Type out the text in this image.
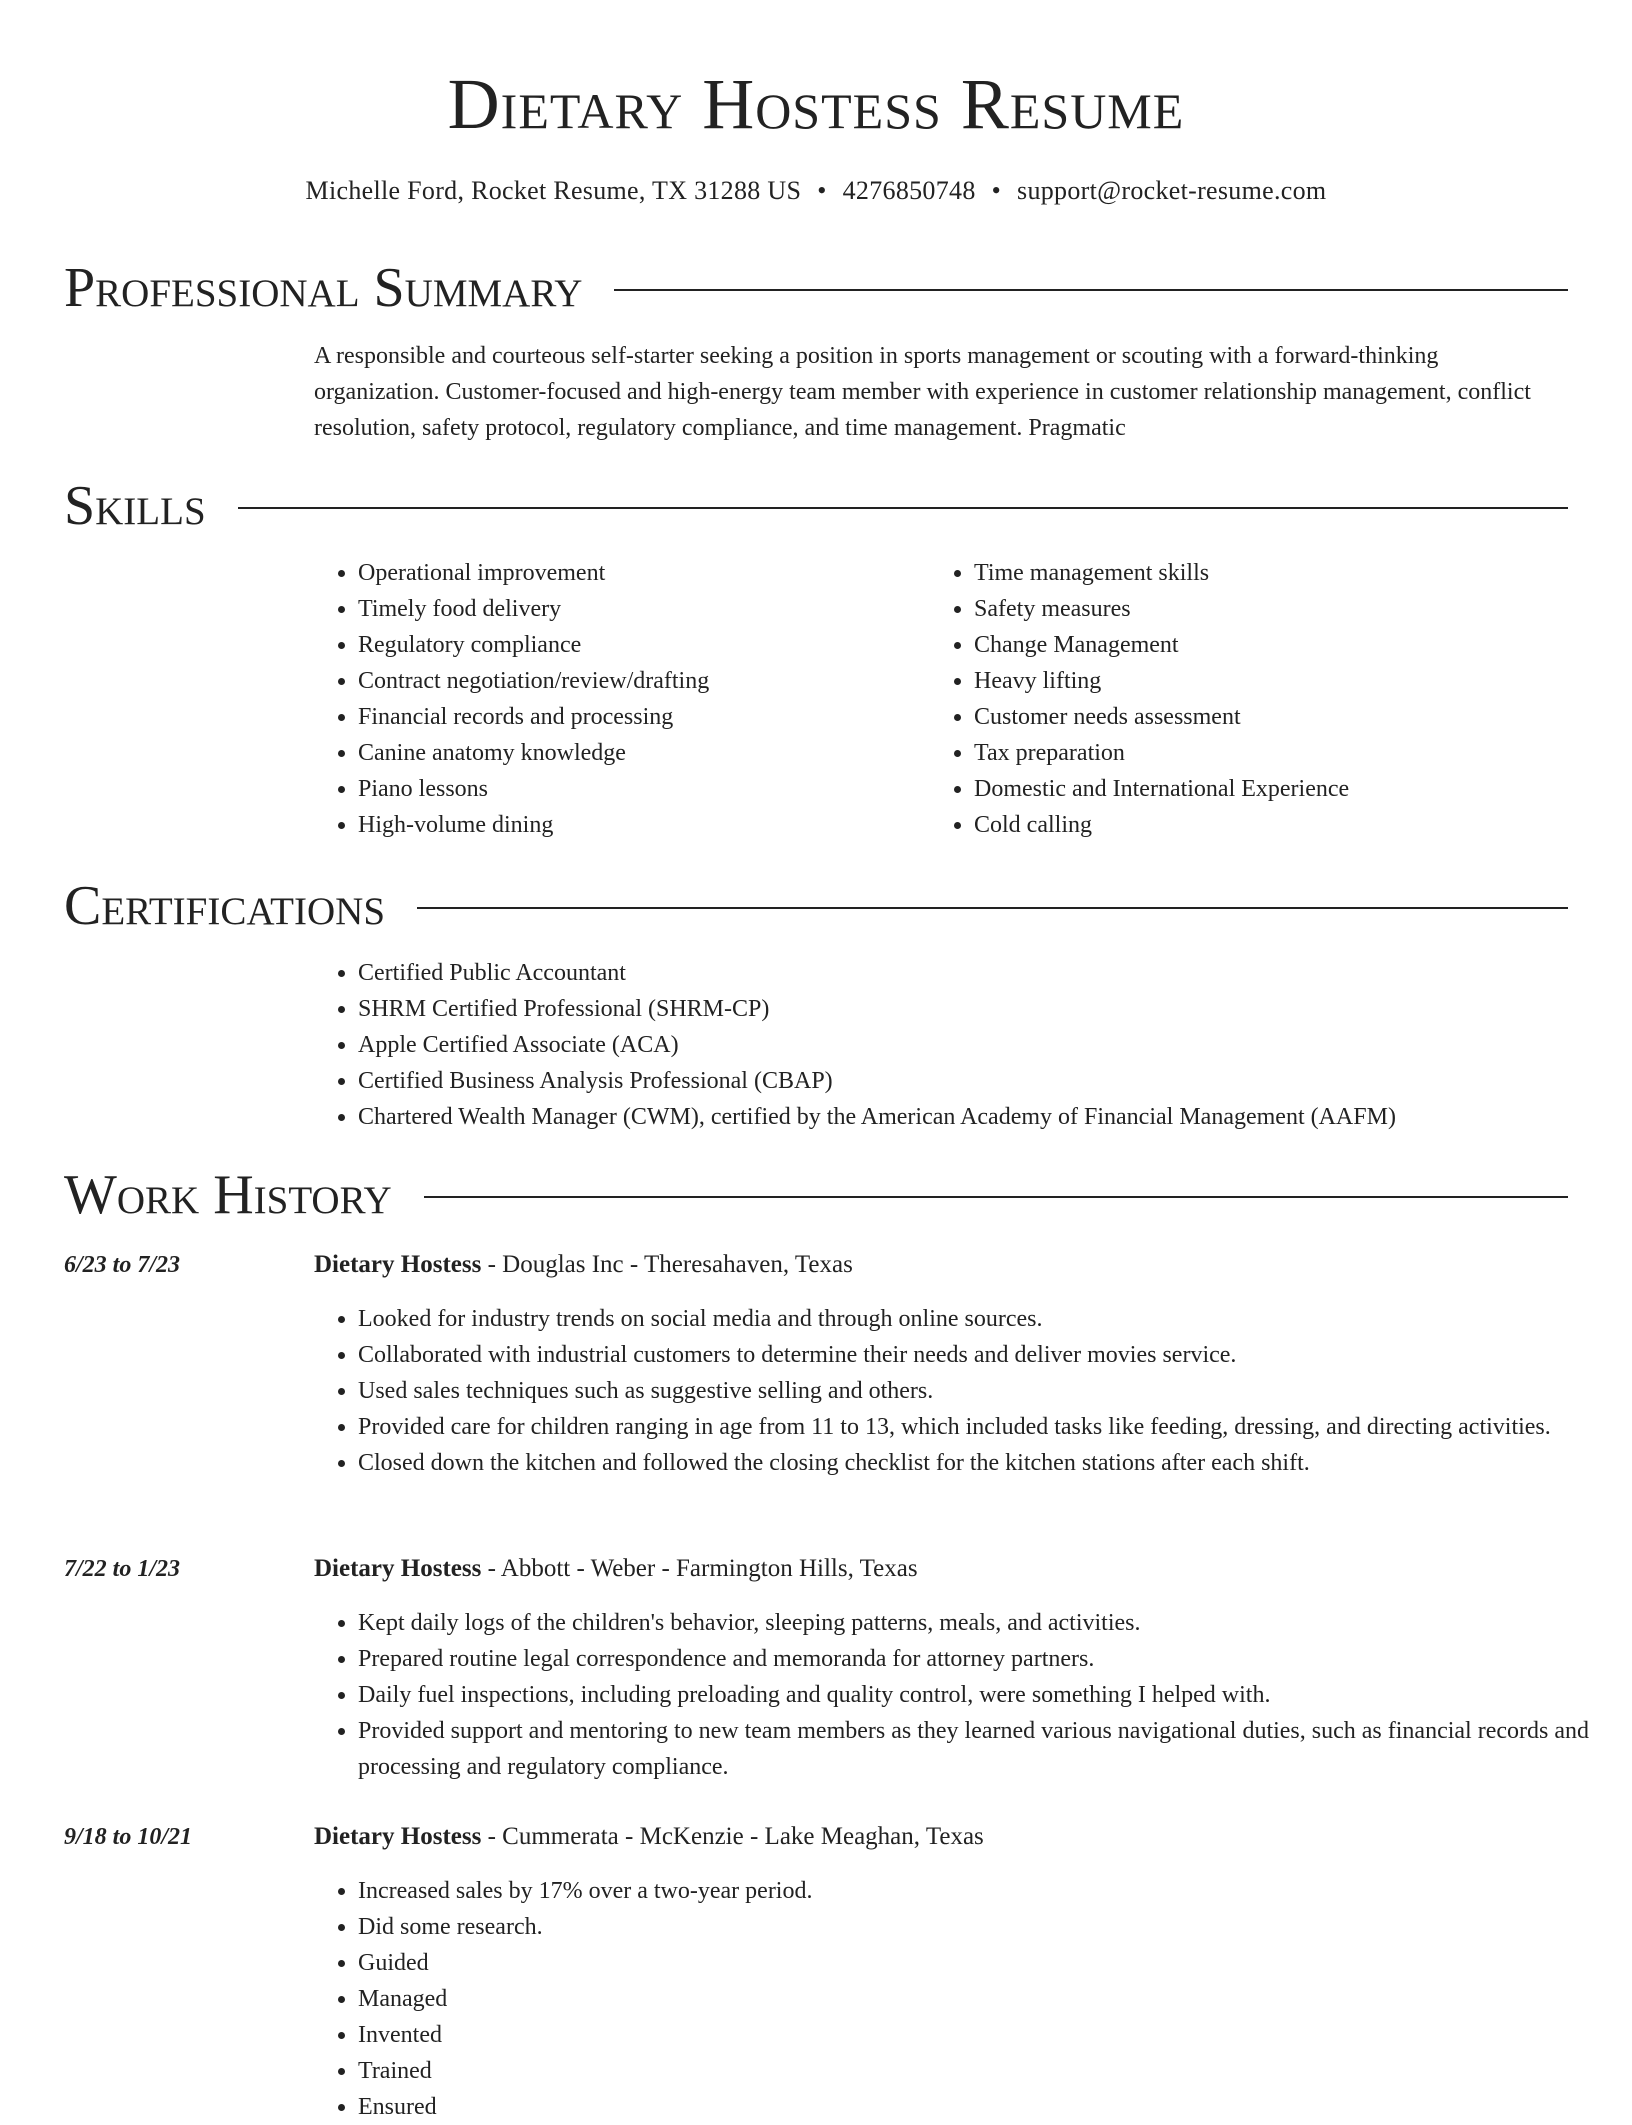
Dietary Hostess Resume
Michelle Ford, Rocket Resume, TX 31288 US • 4276850748 • support@rocket-resume.com
Professional Summary

A responsible and courteous self-starter seeking a position in sports management or scouting with a forward-thinking organization. Customer-focused and high-energy team member with experience in customer relationship management, conflict resolution, safety protocol, regulatory compliance, and time management. Pragmatic

Skills
• Operational improvement
• Timely food delivery
• Regulatory compliance
• Contract negotiation/review/drafting
• Financial records and processing
• Canine anatomy knowledge
• Piano lessons
• High-volume dining
• Time management skills
• Safety measures
• Change Management
• Heavy lifting
• Customer needs assessment
• Tax preparation
• Domestic and International Experience
• Cold calling
Certifications
• Certified Public Accountant
• SHRM Certified Professional (SHRM-CP)
• Apple Certified Associate (ACA)
• Certified Business Analysis Professional (CBAP)
• Chartered Wealth Manager (CWM), certified by the American Academy of Financial Management (AAFM)
Work History
6/23 to 7/23	Dietary Hostess - Douglas Inc - Theresahaven, Texas
• Looked for industry trends on social media and through online sources.
• Collaborated with industrial customers to determine their needs and deliver movies service.
• Used sales techniques such as suggestive selling and others.
• Provided care for children ranging in age from 11 to 13, which included tasks like feeding, dressing, and directing activities.
• Closed down the kitchen and followed the closing checklist for the kitchen stations after each shift.
7/22 to 1/23	Dietary Hostess - Abbott - Weber - Farmington Hills, Texas
• Kept daily logs of the children's behavior, sleeping patterns, meals, and activities.
• Prepared routine legal correspondence and memoranda for attorney partners.
• Daily fuel inspections, including preloading and quality control, were something I helped with.
• Provided support and mentoring to new team members as they learned various navigational duties, such as financial records and processing and regulatory compliance.
9/18 to 10/21	Dietary Hostess - Cummerata - McKenzie - Lake Meaghan, Texas
• Increased sales by 17% over a two-year period.
• Did some research.
• Guided
• Managed
• Invented
• Trained
• Ensured
